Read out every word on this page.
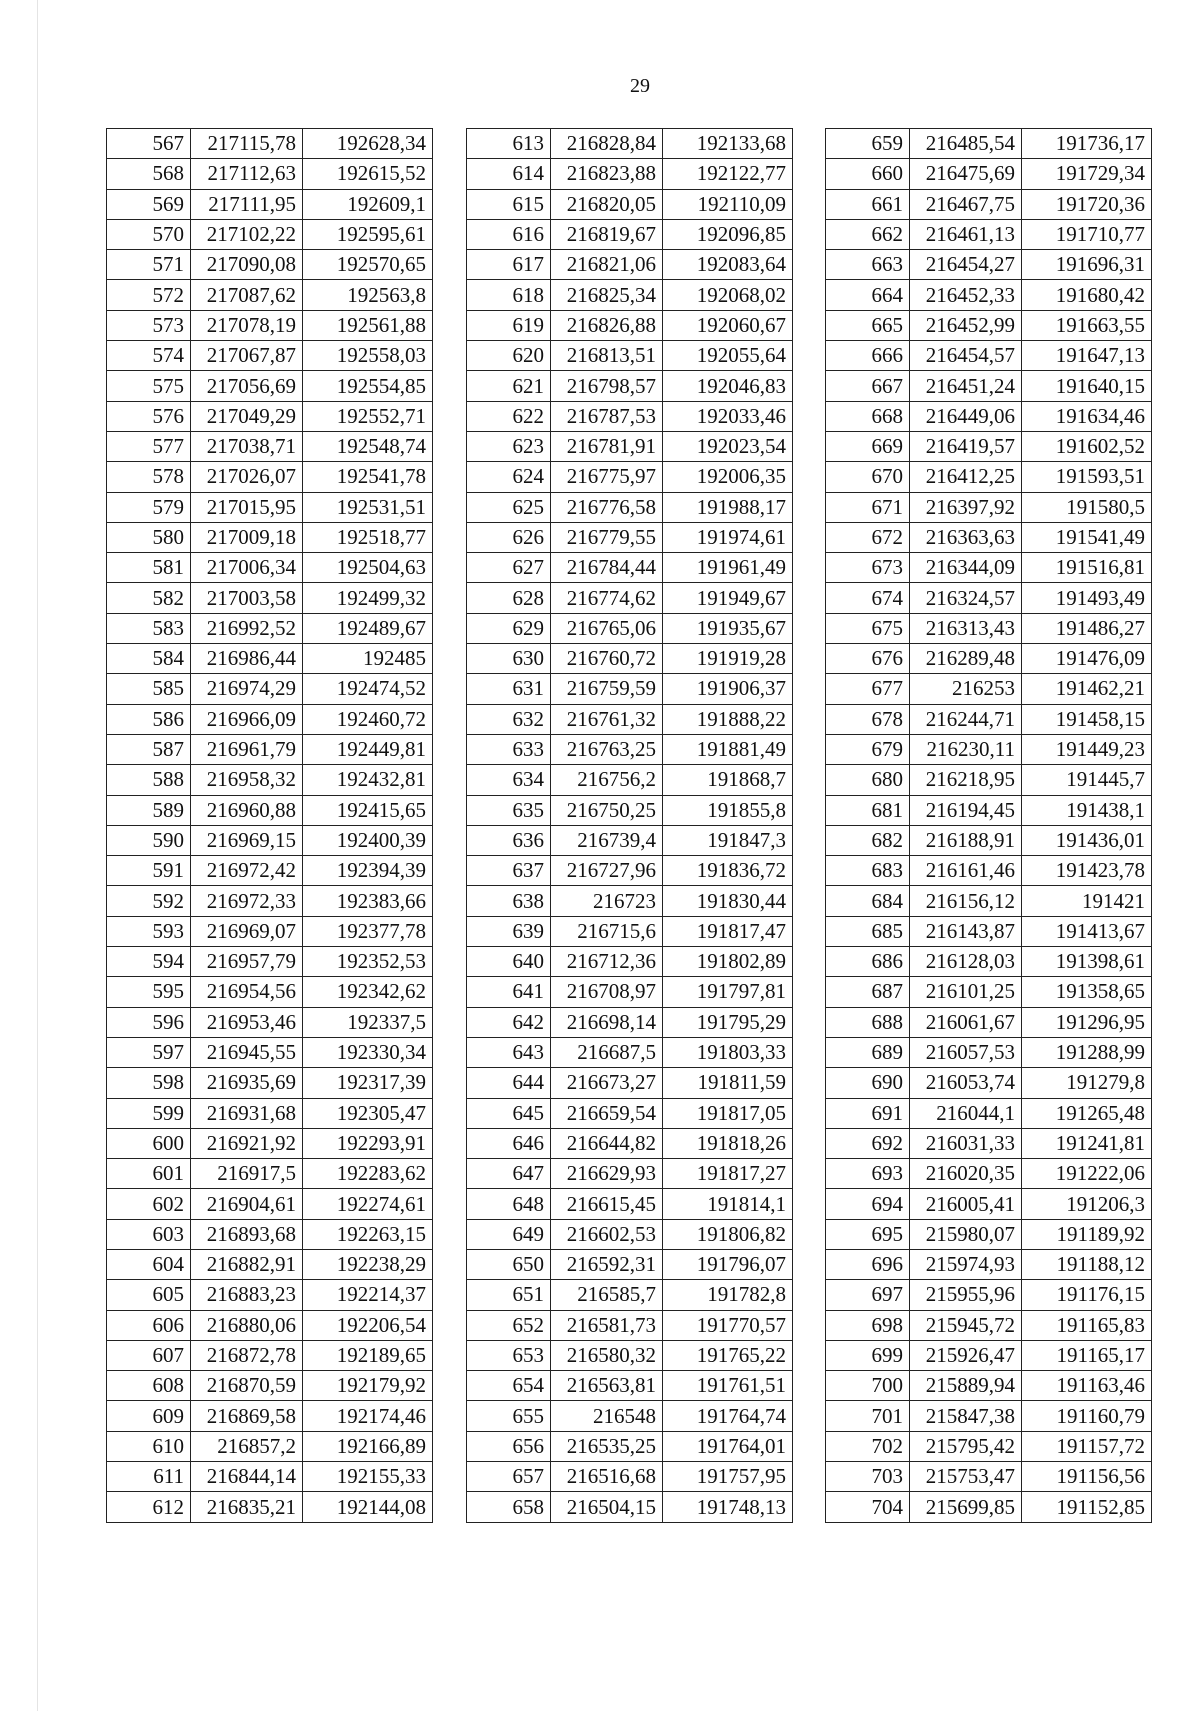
29
567	217115,78	192628,34
568	217112,63	192615,52
569	217111,95	192609,1
570	217102,22	192595,61
571	217090,08	192570,65
572	217087,62	192563,8
573	217078,19	192561,88
574	217067,87	192558,03
575	217056,69	192554,85
576	217049,29	192552,71
577	217038,71	192548,74
578	217026,07	192541,78
579	217015,95	192531,51
580	217009,18	192518,77
581	217006,34	192504,63
582	217003,58	192499,32
583	216992,52	192489,67
584	216986,44	192485
585	216974,29	192474,52
586	216966,09	192460,72
587	216961,79	192449,81
588	216958,32	192432,81
589	216960,88	192415,65
590	216969,15	192400,39
591	216972,42	192394,39
592	216972,33	192383,66
593	216969,07	192377,78
594	216957,79	192352,53
595	216954,56	192342,62
596	216953,46	192337,5
597	216945,55	192330,34
598	216935,69	192317,39
599	216931,68	192305,47
600	216921,92	192293,91
601	216917,5	192283,62
602	216904,61	192274,61
603	216893,68	192263,15
604	216882,91	192238,29
605	216883,23	192214,37
606	216880,06	192206,54
607	216872,78	192189,65
608	216870,59	192179,92
609	216869,58	192174,46
610	216857,2	192166,89
611	216844,14	192155,33
612	216835,21	192144,08
613	216828,84	192133,68
614	216823,88	192122,77
615	216820,05	192110,09
616	216819,67	192096,85
617	216821,06	192083,64
618	216825,34	192068,02
619	216826,88	192060,67
620	216813,51	192055,64
621	216798,57	192046,83
622	216787,53	192033,46
623	216781,91	192023,54
624	216775,97	192006,35
625	216776,58	191988,17
626	216779,55	191974,61
627	216784,44	191961,49
628	216774,62	191949,67
629	216765,06	191935,67
630	216760,72	191919,28
631	216759,59	191906,37
632	216761,32	191888,22
633	216763,25	191881,49
634	216756,2	191868,7
635	216750,25	191855,8
636	216739,4	191847,3
637	216727,96	191836,72
638	216723	191830,44
639	216715,6	191817,47
640	216712,36	191802,89
641	216708,97	191797,81
642	216698,14	191795,29
643	216687,5	191803,33
644	216673,27	191811,59
645	216659,54	191817,05
646	216644,82	191818,26
647	216629,93	191817,27
648	216615,45	191814,1
649	216602,53	191806,82
650	216592,31	191796,07
651	216585,7	191782,8
652	216581,73	191770,57
653	216580,32	191765,22
654	216563,81	191761,51
655	216548	191764,74
656	216535,25	191764,01
657	216516,68	191757,95
658	216504,15	191748,13
659	216485,54	191736,17
660	216475,69	191729,34
661	216467,75	191720,36
662	216461,13	191710,77
663	216454,27	191696,31
664	216452,33	191680,42
665	216452,99	191663,55
666	216454,57	191647,13
667	216451,24	191640,15
668	216449,06	191634,46
669	216419,57	191602,52
670	216412,25	191593,51
671	216397,92	191580,5
672	216363,63	191541,49
673	216344,09	191516,81
674	216324,57	191493,49
675	216313,43	191486,27
676	216289,48	191476,09
677	216253	191462,21
678	216244,71	191458,15
679	216230,11	191449,23
680	216218,95	191445,7
681	216194,45	191438,1
682	216188,91	191436,01
683	216161,46	191423,78
684	216156,12	191421
685	216143,87	191413,67
686	216128,03	191398,61
687	216101,25	191358,65
688	216061,67	191296,95
689	216057,53	191288,99
690	216053,74	191279,8
691	216044,1	191265,48
692	216031,33	191241,81
693	216020,35	191222,06
694	216005,41	191206,3
695	215980,07	191189,92
696	215974,93	191188,12
697	215955,96	191176,15
698	215945,72	191165,83
699	215926,47	191165,17
700	215889,94	191163,46
701	215847,38	191160,79
702	215795,42	191157,72
703	215753,47	191156,56
704	215699,85	191152,85
